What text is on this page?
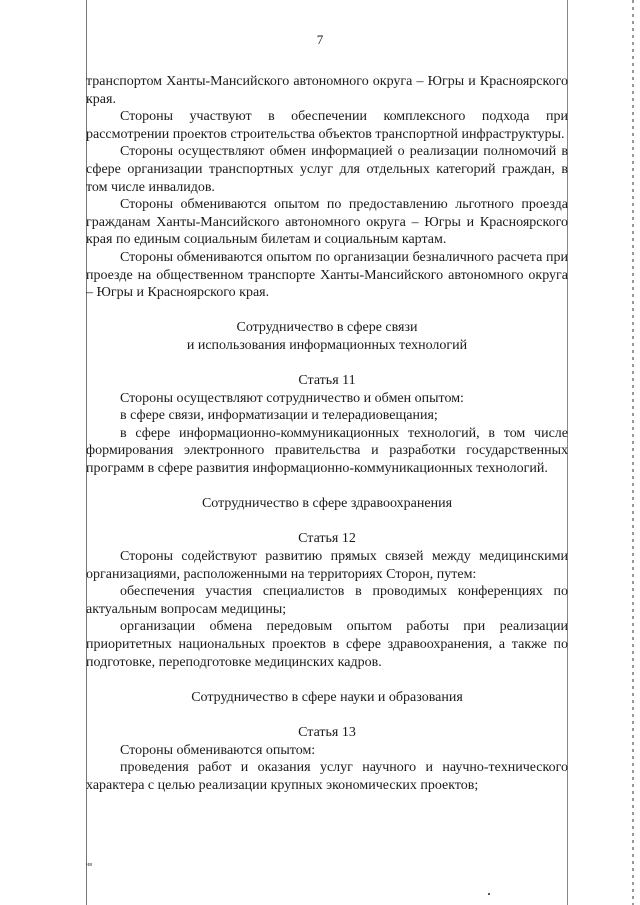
7

транспортом Ханты-Мансийского автономного округа – Югры и Красноярского края.

Стороны участвуют в обеспечении комплексного подхода при рассмотрении проектов строительства объектов транспортной инфраструктуры.

Стороны осуществляют обмен информацией о реализации полномочий в сфере организации транспортных услуг для отдельных категорий граждан, в том числе инвалидов.

Стороны обмениваются опытом по предоставлению льготного проезда гражданам Ханты-Мансийского автономного округа – Югры и Красноярского края по единым социальным билетам и социальным картам.

Стороны обмениваются опытом по организации безналичного расчета при проезде на общественном транспорте Ханты-Мансийского автономного округа – Югры и Красноярского края.

Сотрудничество в сфере связи

и использования информационных технологий

Статья 11

Стороны осуществляют сотрудничество и обмен опытом:

в сфере связи, информатизации и телерадиовещания;

в сфере информационно-коммуникационных технологий, в том числе формирования электронного правительства и разработки государственных программ в сфере развития информационно-коммуникационных технологий.

Сотрудничество в сфере здравоохранения

Статья 12

Стороны содействуют развитию прямых связей между медицинскими организациями, расположенными на территориях Сторон, путем:

обеспечения участия специалистов в проводимых конференциях по актуальным вопросам медицины;

организации обмена передовым опытом работы при реализации приоритетных национальных проектов в сфере здравоохранения, а также по подготовке, переподготовке медицинских кадров.

Сотрудничество в сфере науки и образования

Статья 13

Стороны обмениваются опытом:

проведения работ и оказания услуг научного и научно-технического характера с целью реализации крупных экономических проектов;

нв
